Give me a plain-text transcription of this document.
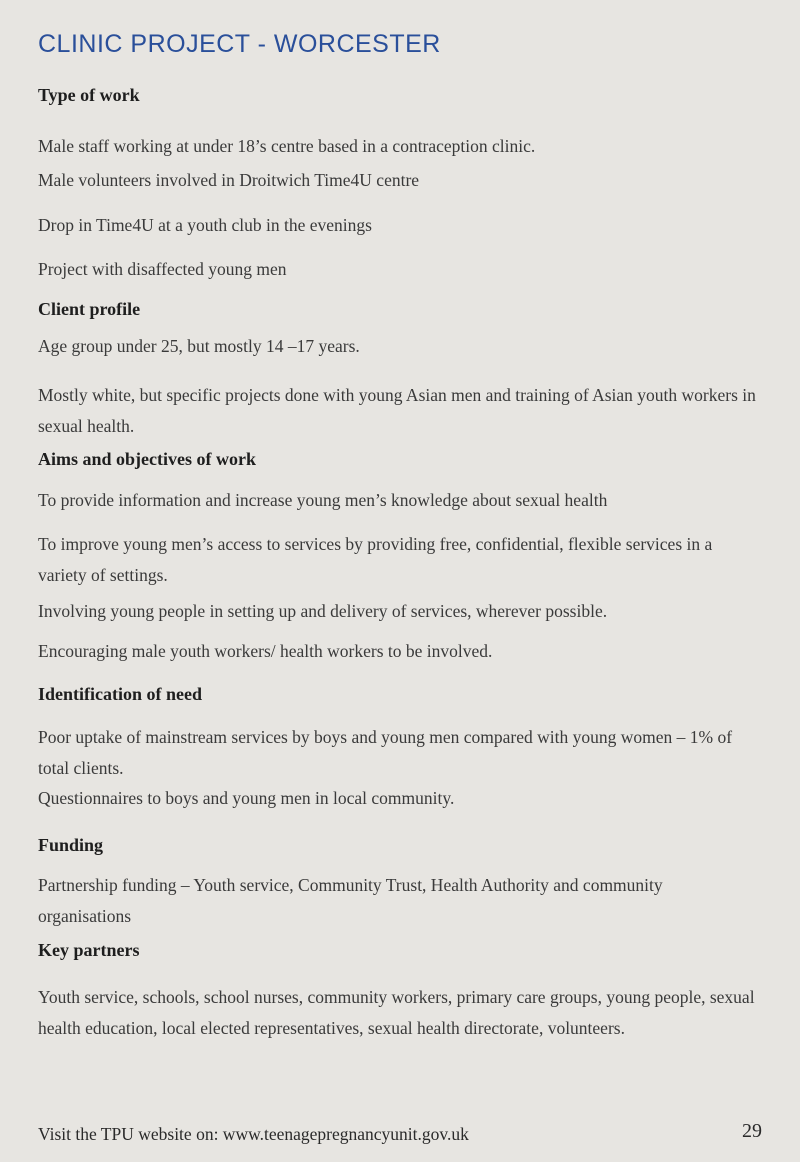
CLINIC PROJECT - WORCESTER
Type of work

Male staff working at under 18’s centre based in a contraception clinic.

Male volunteers involved in Droitwich Time4U centre

Drop in Time4U at a youth club in the evenings

Project with disaffected young men

Client profile

Age group under 25, but mostly 14 –17 years.

Mostly white, but specific projects done with young Asian men and training of Asian youth workers in sexual health.

Aims and objectives of work

To provide information and increase young men’s knowledge about sexual health

To improve young men’s access to services by providing free, confidential, flexible services in a variety of settings.

Involving young people in setting up and delivery of services, wherever possible.

Encouraging male youth workers/ health workers to be involved.

Identification of need

Poor uptake of mainstream services by boys and young men compared with young women – 1% of total clients.

Questionnaires to boys and young men in local community.

Funding

Partnership funding – Youth service, Community Trust, Health Authority and community organisations

Key partners

Youth service, schools, school nurses, community workers, primary care groups, young people, sexual health education, local elected representatives, sexual health directorate, volunteers.

Visit the TPU website on: www.teenagepregnancyunit.gov.uk	29
